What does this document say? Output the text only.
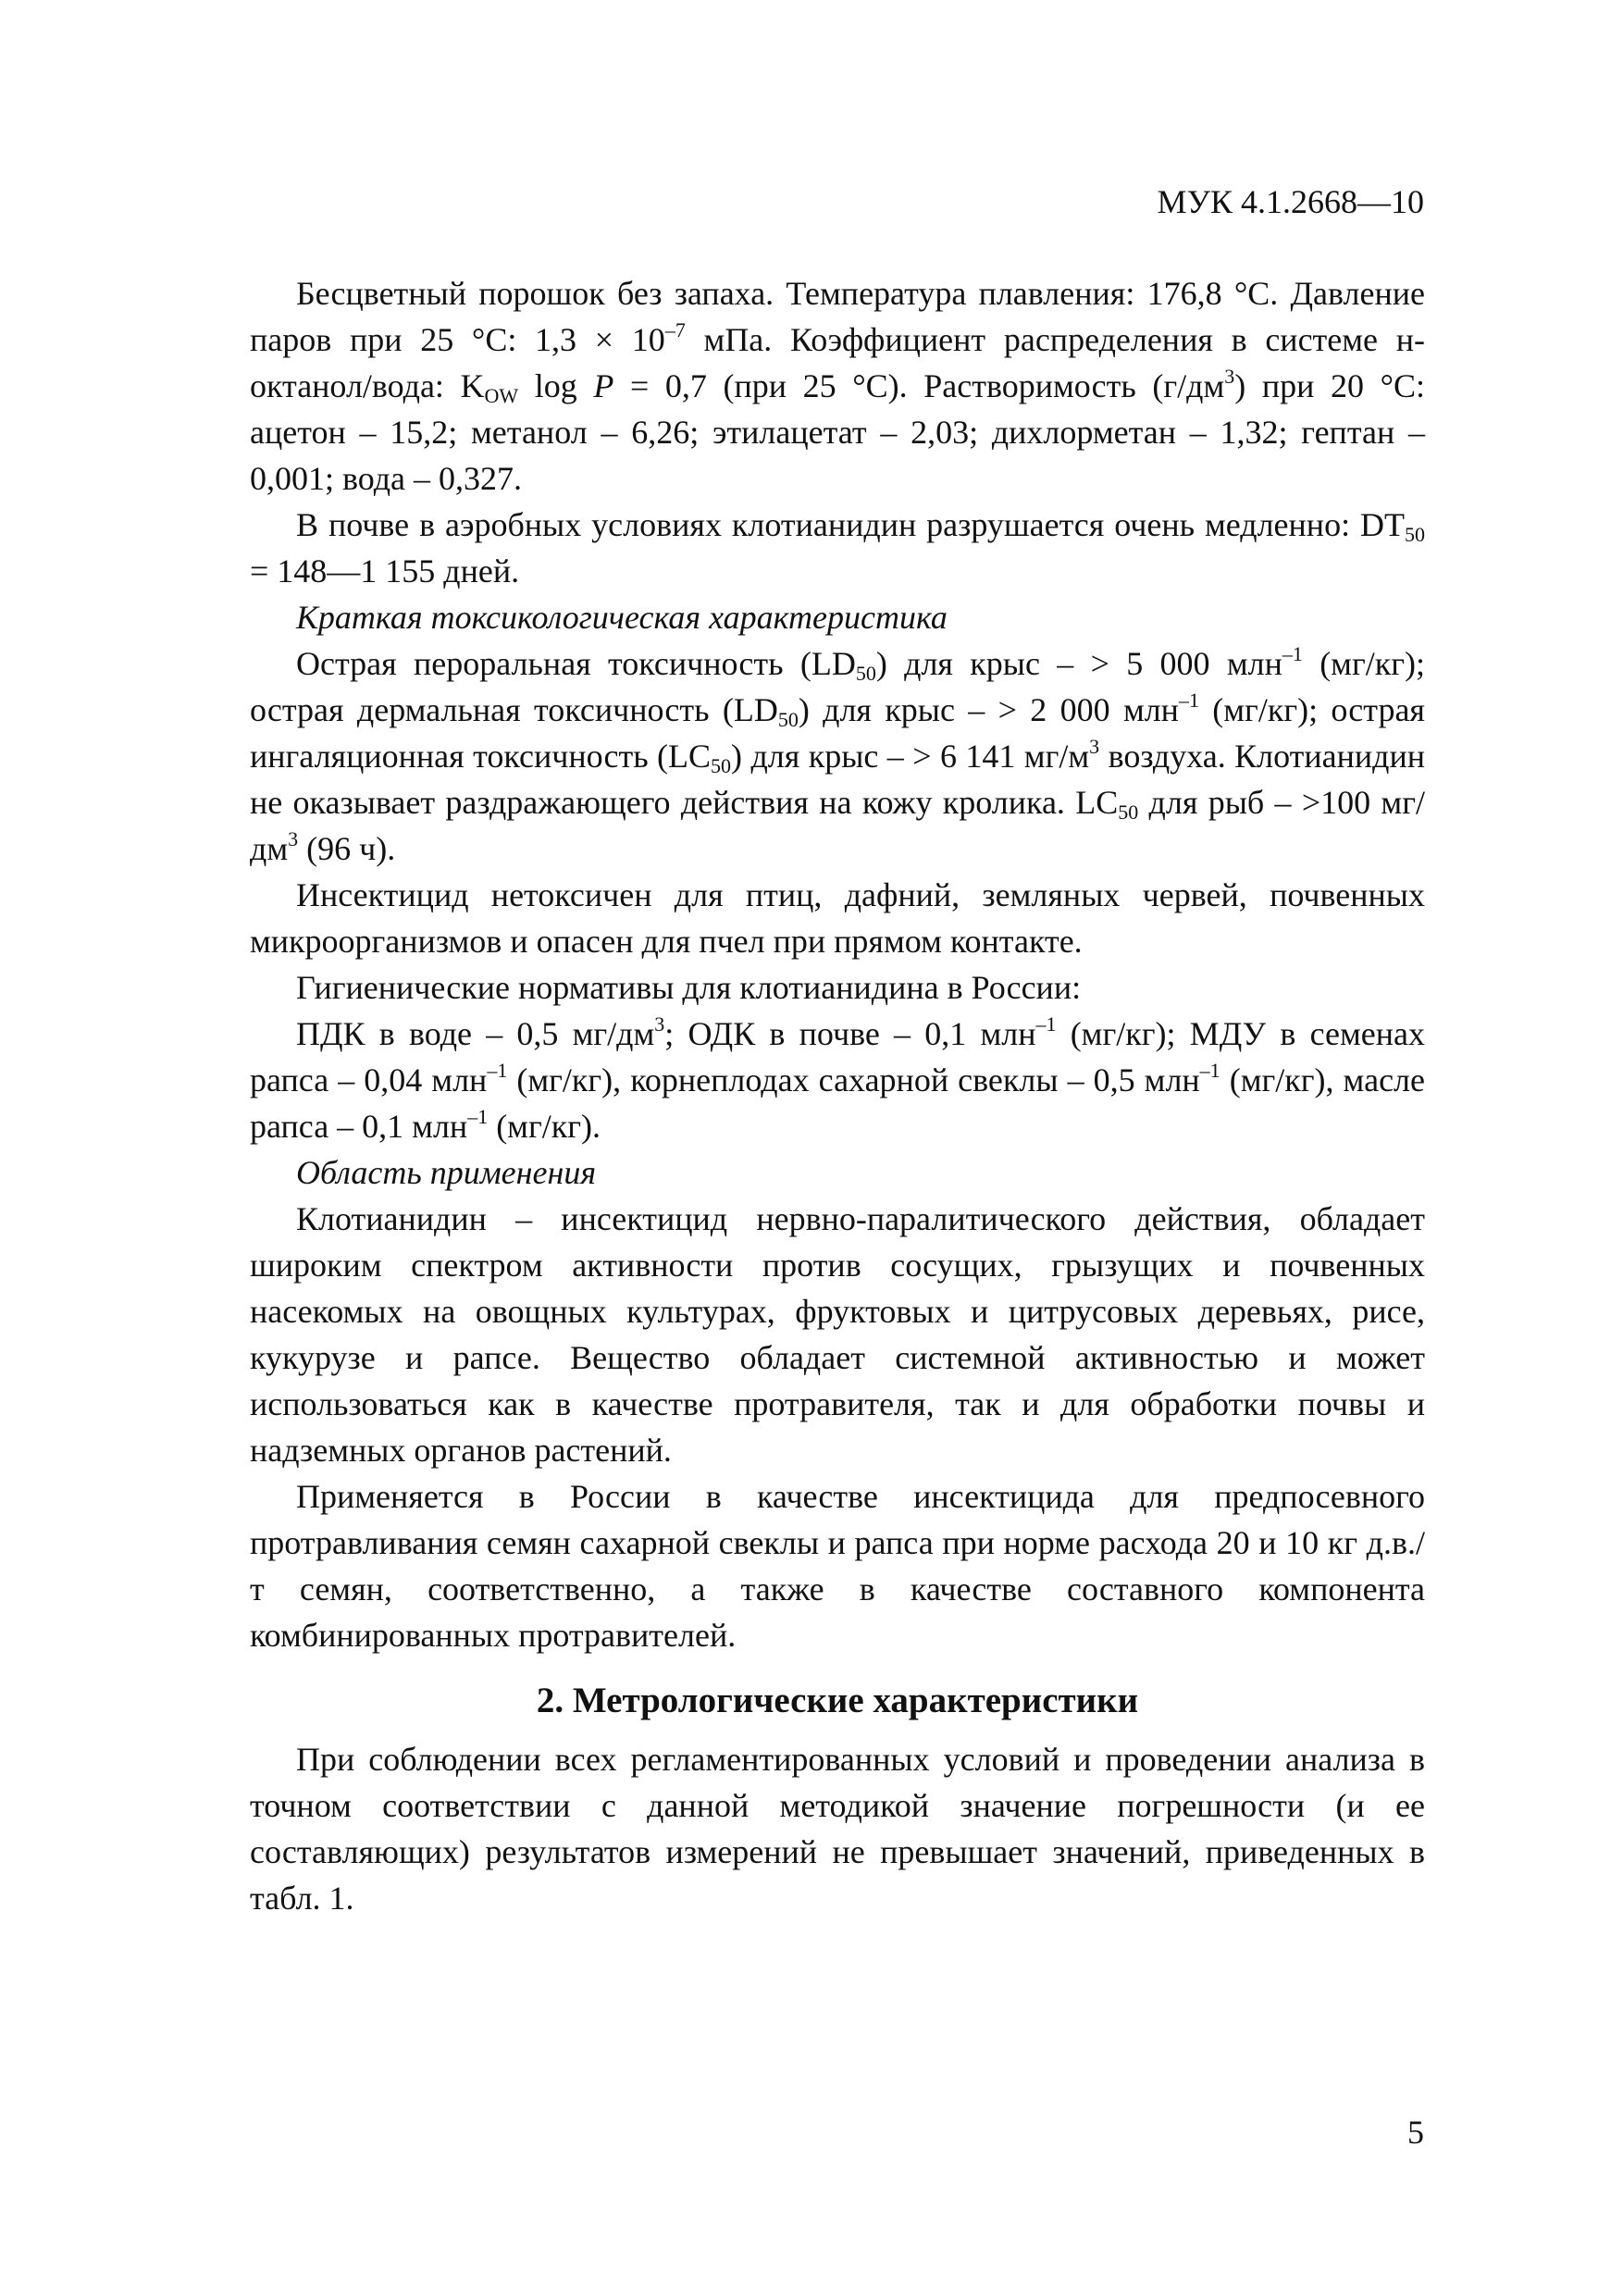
МУК 4.1.2668—10

Бесцветный порошок без запаха. Температура плавления: 176,8 °С. Давление паров при 25 °С: $1,3 \times 10^{-7}$ мПа. Коэффициент распределения в системе н-октанол/вода: $K_{OW}$ log P = 0,7 (при 25 °С). Растворимость $(г/дм^3)$ при 20 °С: ацетон – 15,2; метанол – 6,26; этилацетат – 2,03; дихлорметан – 1,32; гептан – 0,001; вода – 0,327.

В почве в аэробных условиях клотианидин разрушается очень медленно: $DT_{50}$ = 148—1 155 дней.

Краткая токсикологическая характеристика

Острая пероральная токсичность $(LD_{50})$ для крыс – > 5 000 млн$^{-1}$ (мг/кг); острая дермальная токсичность $(LD_{50})$ для крыс – > 2 000 млн$^{-1}$ (мг/кг); острая ингаляционная токсичность $(LC_{50})$ для крыс – > 6 141 $мг/м^3$ воздуха. Клотианидин не оказывает раздражающего действия на кожу кролика. $LC_{50}$ для рыб – >100 $мг/дм^3$ (96 ч).

Инсектицид нетоксичен для птиц, дафний, земляных червей, почвенных микроорганизмов и опасен для пчел при прямом контакте.

Гигиенические нормативы для клотианидина в России:

ПДК в воде – 0,5 $мг/дм^3$; ОДК в почве – 0,1 млн$^{-1}$ (мг/кг); МДУ в семенах рапса – 0,04 млн$^{-1}$ (мг/кг), корнеплодах сахарной свеклы – 0,5 млн$^{-1}$ (мг/кг), масле рапса – 0,1 млн$^{-1}$ (мг/кг).

Область применения

Клотианидин – инсектицид нервно-паралитического действия, обладает широким спектром активности против сосущих, грызущих и почвенных насекомых на овощных культурах, фруктовых и цитрусовых деревьях, рисе, кукурузе и рапсе. Вещество обладает системной активностью и может использоваться как в качестве протравителя, так и для обработки почвы и надземных органов растений.

Применяется в России в качестве инсектицида для предпосевного протравливания семян сахарной свеклы и рапса при норме расхода 20 и 10 кг д.в./т семян, соответственно, а также в качестве составного компонента комбинированных протравителей.

2. Метрологические характеристики

При соблюдении всех регламентированных условий и проведении анализа в точном соответствии с данной методикой значение погрешности (и ее составляющих) результатов измерений не превышает значений, приведенных в табл. 1.

5
